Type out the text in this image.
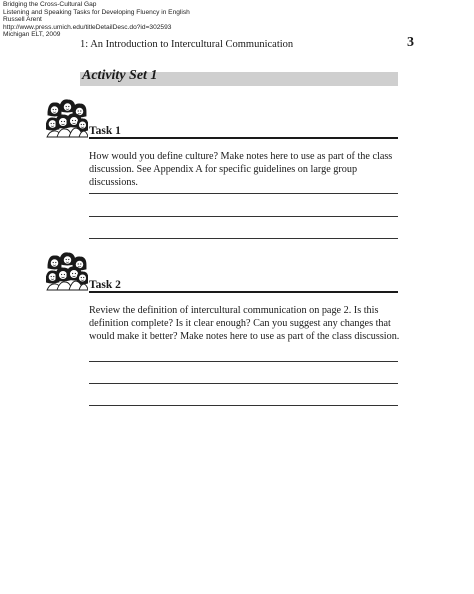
Bridging the Cross-Cultural Gap
Listening and Speaking Tasks for Developing Fluency in English
Russell Arent
http://www.press.umich.edu/titleDetailDesc.do?id=302593
Michigan ELT, 2009
1: An Introduction to Intercultural Communication	3
Activity Set 1
Task 1
How would you define culture? Make notes here to use as part of the class discussion. See Appendix A for specific guidelines on large group discussions.
Task 2
Review the definition of intercultural communication on page 2. Is this definition complete? Is it clear enough? Can you suggest any changes that would make it better? Make notes here to use as part of the class discussion.
